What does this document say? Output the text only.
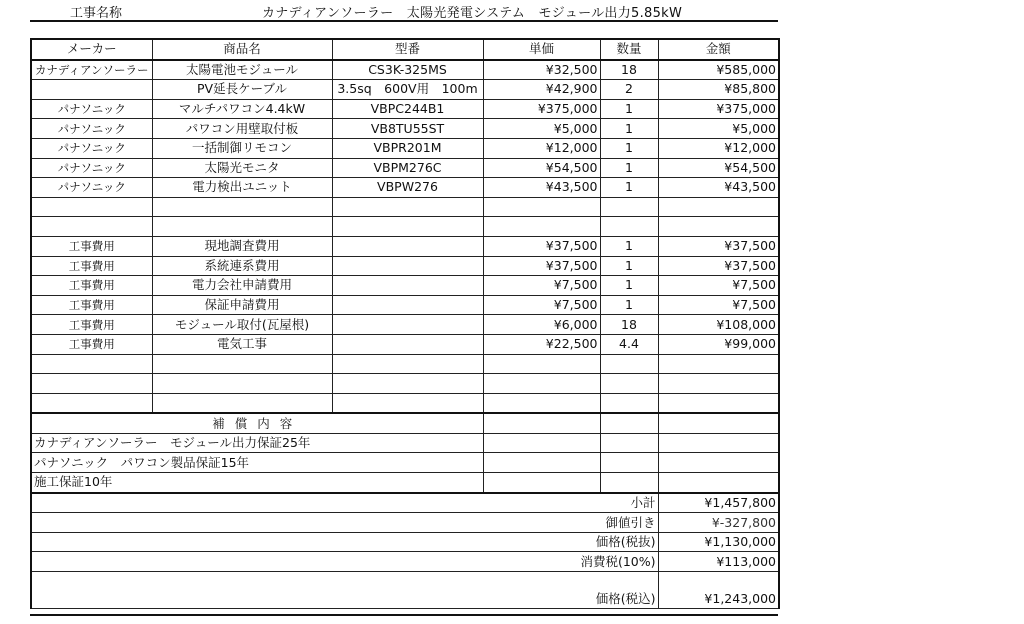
工事名称	カナディアンソーラー　太陽光発電システム　モジュール出力5.85kW
メーカー	商品名	型番	単価	数量	金額
カナディアンソーラー	太陽電池モジュール	CS3K-325MS	¥32,500	18	¥585,000
	PV延長ケーブル	3.5sq　600V用　100m	¥42,900	2	¥85,800
パナソニック	マルチパワコン4.4kW	VBPC244B1	¥375,000	1	¥375,000
パナソニック	パワコン用壁取付板	VB8TU55ST	¥5,000	1	¥5,000
パナソニック	一括制御リモコン	VBPR201M	¥12,000	1	¥12,000
パナソニック	太陽光モニタ	VBPM276C	¥54,500	1	¥54,500
パナソニック	電力検出ユニット	VBPW276	¥43,500	1	¥43,500

工事費用	現地調査費用		¥37,500	1	¥37,500
工事費用	系統連系費用		¥37,500	1	¥37,500
工事費用	電力会社申請費用		¥7,500	1	¥7,500
工事費用	保証申請費用		¥7,500	1	¥7,500
工事費用	モジュール取付(瓦屋根)		¥6,000	18	¥108,000
工事費用	電気工事		¥22,500	4.4	¥99,000

補償内容					
カナディアンソーラー　モジュール出力保証25年					
パナソニック　パワコン製品保証15年					
施工保証10年					
小計					¥1,457,800
御値引き					¥-327,800
価格(税抜)					¥1,130,000
消費税(10%)					¥113,000
価格(税込)					¥1,243,000
